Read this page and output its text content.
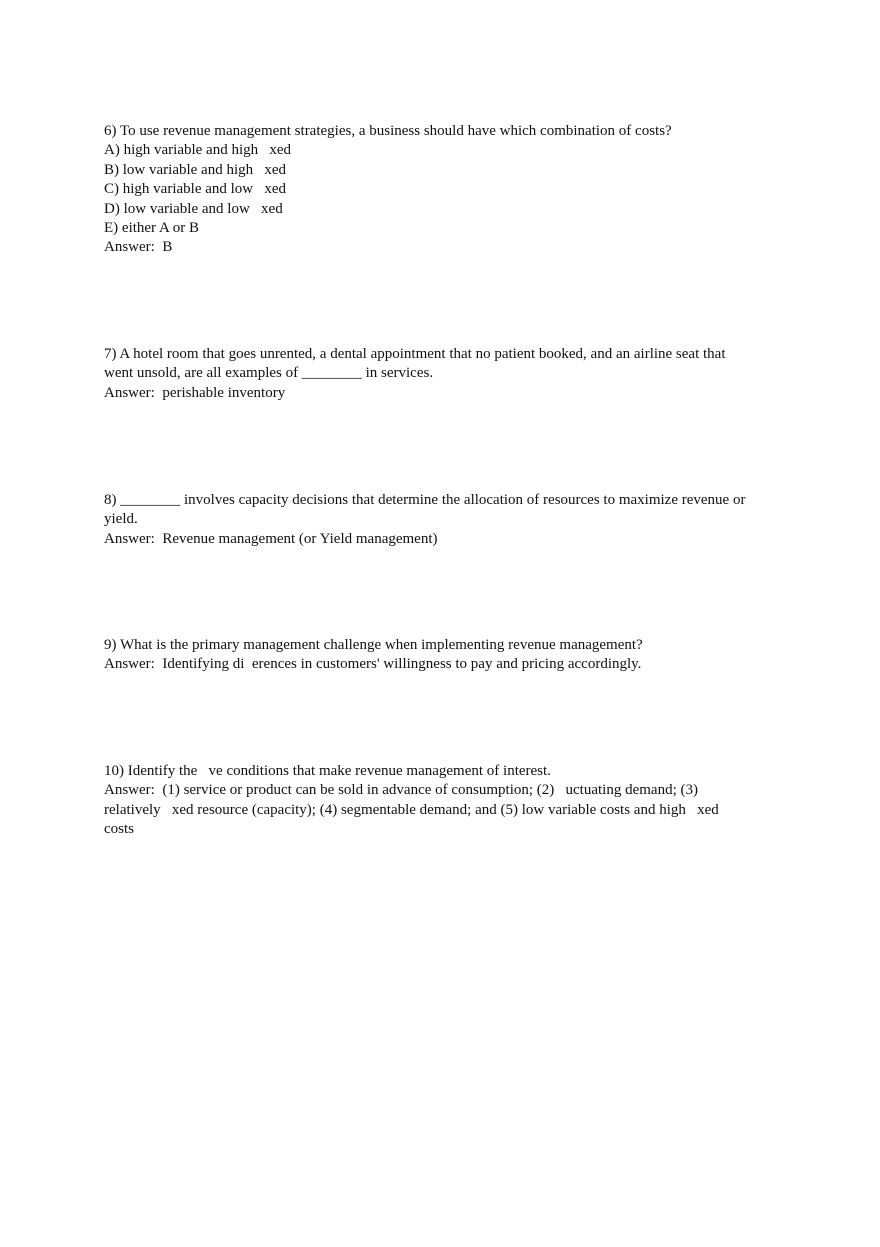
6) To use revenue management strategies, a business should have which combination of costs?

A) high variable and high   xed

B) low variable and high   xed

C) high variable and low   xed

D) low variable and low   xed

E) either A or B

Answer:  B

7) A hotel room that goes unrented, a dental appointment that no patient booked, and an airline seat that

went unsold, are all examples of ________ in services.

Answer:  perishable inventory

8) ________ involves capacity decisions that determine the allocation of resources to maximize revenue or

yield.

Answer:  Revenue management (or Yield management)

9) What is the primary management challenge when implementing revenue management?

Answer:  Identifying di  erences in customers' willingness to pay and pricing accordingly.

10) Identify the   ve conditions that make revenue management of interest.

Answer:  (1) service or product can be sold in advance of consumption; (2)   uctuating demand; (3)

relatively   xed resource (capacity); (4) segmentable demand; and (5) low variable costs and high   xed

costs
